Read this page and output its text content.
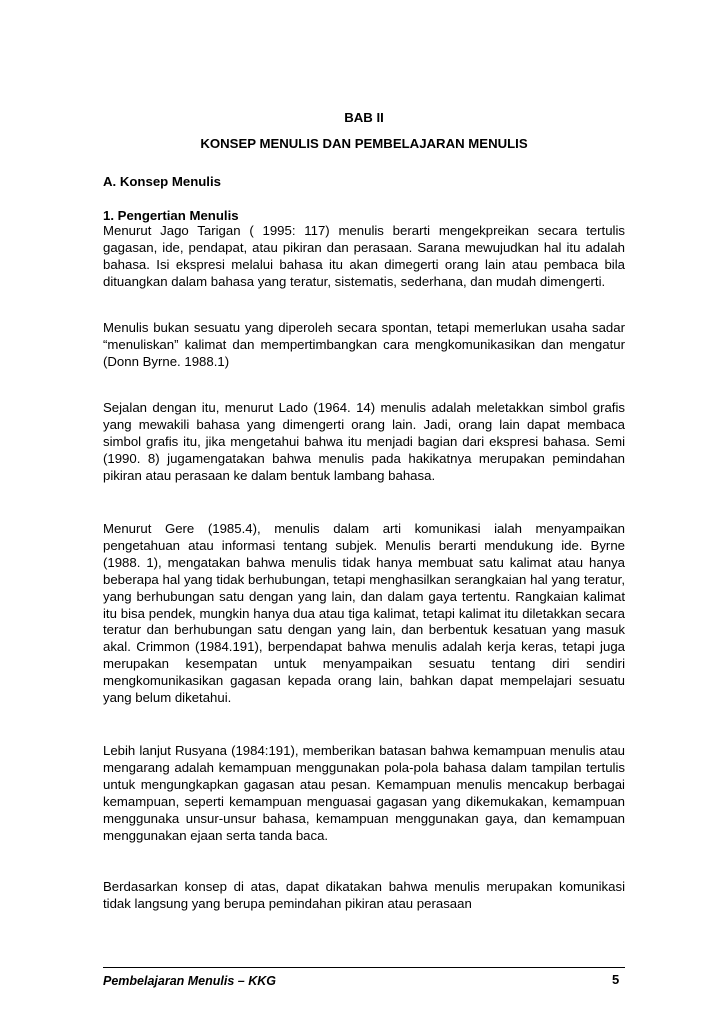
BAB II
KONSEP MENULIS DAN PEMBELAJARAN MENULIS
A. Konsep Menulis
1. Pengertian Menulis

Menurut Jago Tarigan ( 1995: 117) menulis berarti mengekpreikan secara tertulis gagasan, ide, pendapat, atau pikiran dan perasaan. Sarana mewujudkan hal itu adalah bahasa. Isi ekspresi melalui bahasa itu akan dimegerti orang lain atau pembaca bila dituangkan dalam bahasa yang teratur, sistematis, sederhana, dan mudah dimengerti.

Menulis bukan sesuatu yang diperoleh secara spontan, tetapi memerlukan usaha sadar “menuliskan” kalimat dan mempertimbangkan cara mengkomunikasikan dan mengatur (Donn Byrne. 1988.1)

Sejalan dengan itu, menurut Lado (1964. 14) menulis adalah meletakkan simbol grafis yang mewakili bahasa yang dimengerti orang lain. Jadi, orang lain dapat membaca simbol grafis itu, jika mengetahui bahwa itu menjadi bagian dari ekspresi bahasa. Semi (1990. 8) jugamengatakan bahwa menulis pada hakikatnya merupakan pemindahan pikiran atau perasaan ke dalam bentuk lambang bahasa.

Menurut Gere (1985.4), menulis dalam arti komunikasi ialah menyampaikan pengetahuan atau informasi tentang subjek. Menulis berarti mendukung ide. Byrne (1988. 1), mengatakan bahwa menulis tidak hanya membuat satu kalimat atau hanya beberapa hal yang tidak berhubungan, tetapi menghasilkan serangkaian hal yang teratur, yang berhubungan satu dengan yang lain, dan dalam gaya tertentu. Rangkaian kalimat itu bisa pendek, mungkin hanya dua atau tiga kalimat, tetapi kalimat itu diletakkan secara teratur dan berhubungan satu dengan yang lain, dan berbentuk kesatuan yang masuk akal. Crimmon (1984.191), berpendapat bahwa menulis adalah kerja keras, tetapi juga merupakan kesempatan untuk menyampaikan sesuatu tentang diri sendiri mengkomunikasikan gagasan kepada orang lain, bahkan dapat mempelajari sesuatu yang belum diketahui.

Lebih lanjut Rusyana (1984:191), memberikan batasan bahwa kemampuan menulis atau mengarang adalah kemampuan menggunakan pola-pola bahasa dalam tampilan tertulis untuk mengungkapkan gagasan atau pesan. Kemampuan menulis mencakup berbagai kemampuan, seperti kemampuan menguasai gagasan yang dikemukakan, kemampuan menggunaka unsur-unsur bahasa, kemampuan menggunakan gaya, dan kemampuan menggunakan ejaan serta tanda baca.

Berdasarkan konsep di atas, dapat dikatakan bahwa menulis merupakan komunikasi tidak langsung yang berupa pemindahan pikiran atau perasaan

Pembelajaran Menulis – KKG	5
